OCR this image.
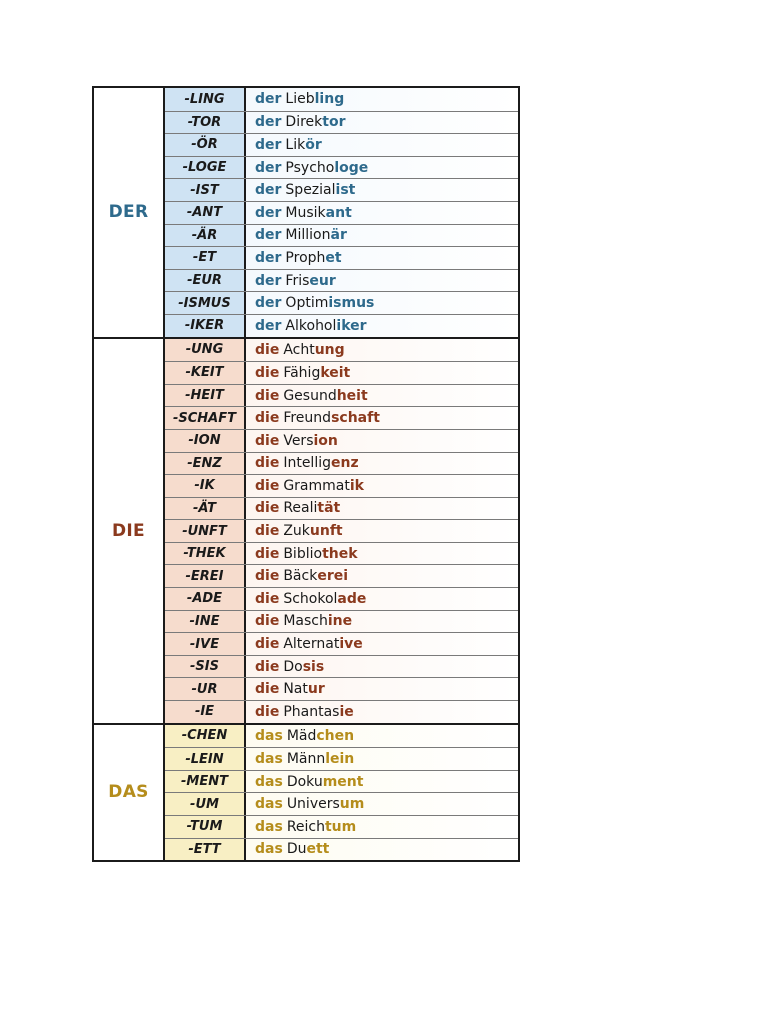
DER
-LING	der Lieb ling
-TOR	der Direk tor
-ÖR	der Lik ör
-LOGE	der Psycho loge
-IST	der Spezial ist
-ANT	der Musik ant
-ÄR	der Million är
-ET	der Proph et
-EUR	der Fris eur
-ISMUS	der Optim ismus
-IKER	der Alkohol iker
DIE
-UNG	die Acht ung
-KEIT	die Fähig keit
-HEIT	die Gesund heit
-SCHAFT	die Freund schaft
-ION	die Vers ion
-ENZ	die Intellig enz
-IK	die Grammat ik
-ÄT	die Reali tät
-UNFT	die Zuk unft
-THEK	die Biblio thek
-EREI	die Bäck erei
-ADE	die Schokol ade
-INE	die Masch ine
-IVE	die Alternat ive
-SIS	die Do sis
-UR	die Nat ur
-IE	die Phantas ie
DAS
-CHEN	das Mäd chen
-LEIN	das Männ lein
-MENT	das Doku ment
-UM	das Univers um
-TUM	das Reich tum
-ETT	das Du ett
